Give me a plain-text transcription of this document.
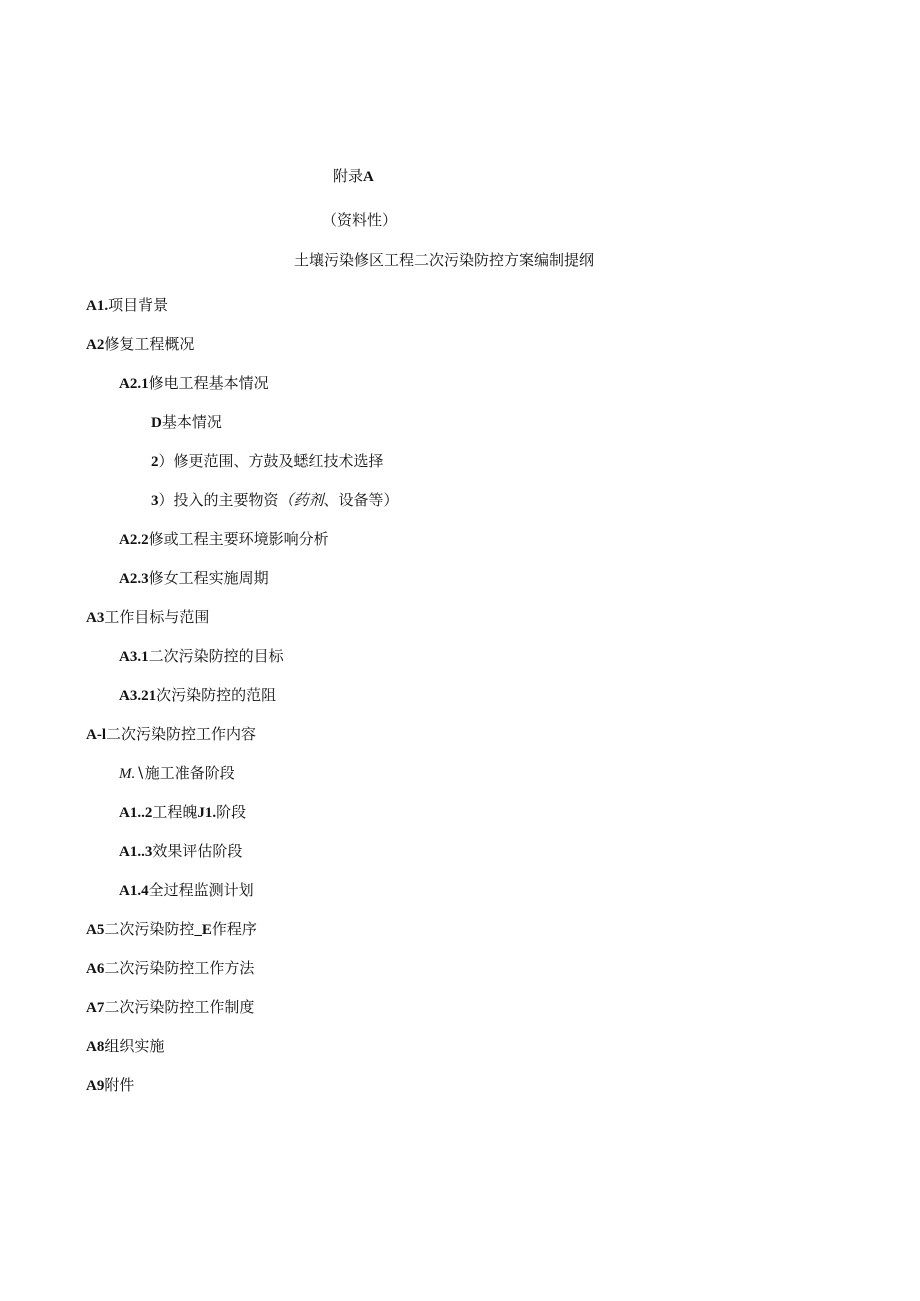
附录A
（资料性）
土壤污染修区工程二次污染防控方案编制提纲
A1.项目背景
A2修复工程概况
A2.1修电工程基本情况
D基本情况
2）修更范围、方鼓及蟋红技术选择
3）投入的主要物资（药剂、设备等）
A2.2修或工程主要环境影响分析
A2.3修女工程实施周期
A3工作目标与范围
A3.1二次污染防控的目标
A3.21次污染防控的范阻
A-l二次污染防控工作内容
M.∖施工准备阶段
A1..2工程魄J1.阶段
A1..3效果评估阶段
A1.4全过程监测计划
A5二次污染防控_E作程序
A6二次污染防控工作方法
A7二次污染防控工作制度
A8组织实施
A9附件
